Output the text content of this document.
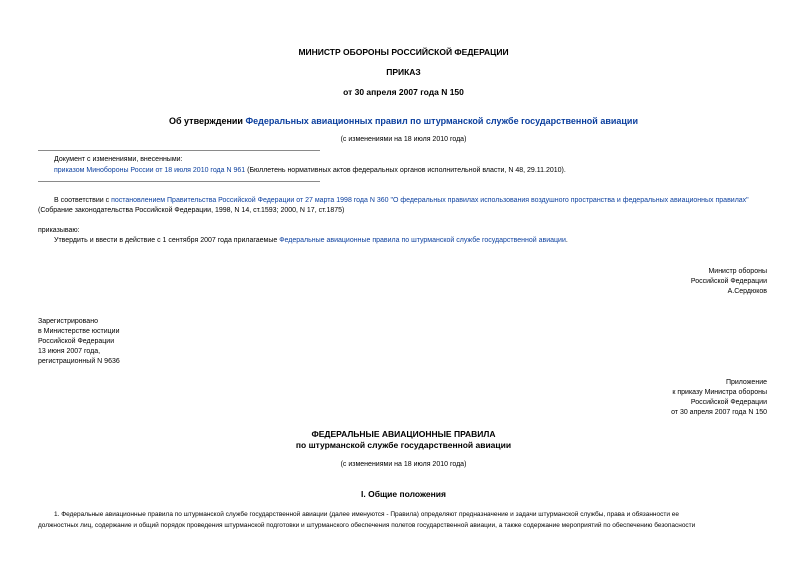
МИНИСТР ОБОРОНЫ РОССИЙСКОЙ ФЕДЕРАЦИИ
ПРИКАЗ
от 30 апреля 2007 года N 150
Об утверждении Федеральных авиационных правил по штурманской службе государственной авиации
(с изменениями на 18 июля 2010 года)
Документ с изменениями, внесенными:
приказом Минобороны России от 18 июля 2010 года N 961 (Бюллетень нормативных актов федеральных органов исполнительной власти, N 48, 29.11.2010).
В соответствии с постановлением Правительства Российской Федерации от 27 марта 1998 года N 360 "О федеральных правилах использования воздушного пространства и федеральных авиационных правилах"
(Собрание законодательства Российской Федерации, 1998, N 14, ст.1593; 2000, N 17, ст.1875)
приказываю:
Утвердить и ввести в действие с 1 сентября 2007 года прилагаемые Федеральные авиационные правила по штурманской службе государственной авиации.
Министр обороны
Российской Федерации
А.Сердюков
Зарегистрировано
в Министерстве юстиции
Российской Федерации
13 июня 2007 года,
регистрационный N 9636
Приложение
к приказу Министра обороны
Российской Федерации
от 30 апреля 2007 года N 150
ФЕДЕРАЛЬНЫЕ АВИАЦИОННЫЕ ПРАВИЛА
по штурманской службе государственной авиации
(с изменениями на 18 июля 2010 года)
I. Общие положения
1. Федеральные авиационные правила по штурманской службе государственной авиации (далее именуются - Правила) определяют предназначение и задачи штурманской службы, права и обязанности ее
должностных лиц, содержание и общий порядок проведения штурманской подготовки и штурманского обеспечения полетов государственной авиации, а также содержание мероприятий по обеспечению безопасности
